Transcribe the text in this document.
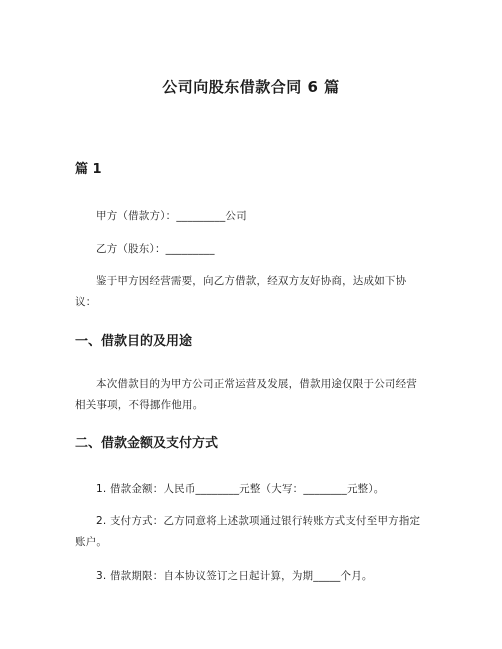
公司向股东借款合同 6 篇
篇 1
甲方（借款方）：_________公司
乙方（股东）：_________
鉴于甲方因经营需要，向乙方借款，经双方友好协商，达成如下协议：
一、借款目的及用途
本次借款目的为甲方公司正常运营及发展，借款用途仅限于公司经营相关事项，不得挪作他用。
二、借款金额及支付方式
1. 借款金额：人民币________元整（大写：________元整）。
2. 支付方式：乙方同意将上述款项通过银行转账方式支付至甲方指定账户。
3. 借款期限：自本协议签订之日起计算，为期_____个月。
